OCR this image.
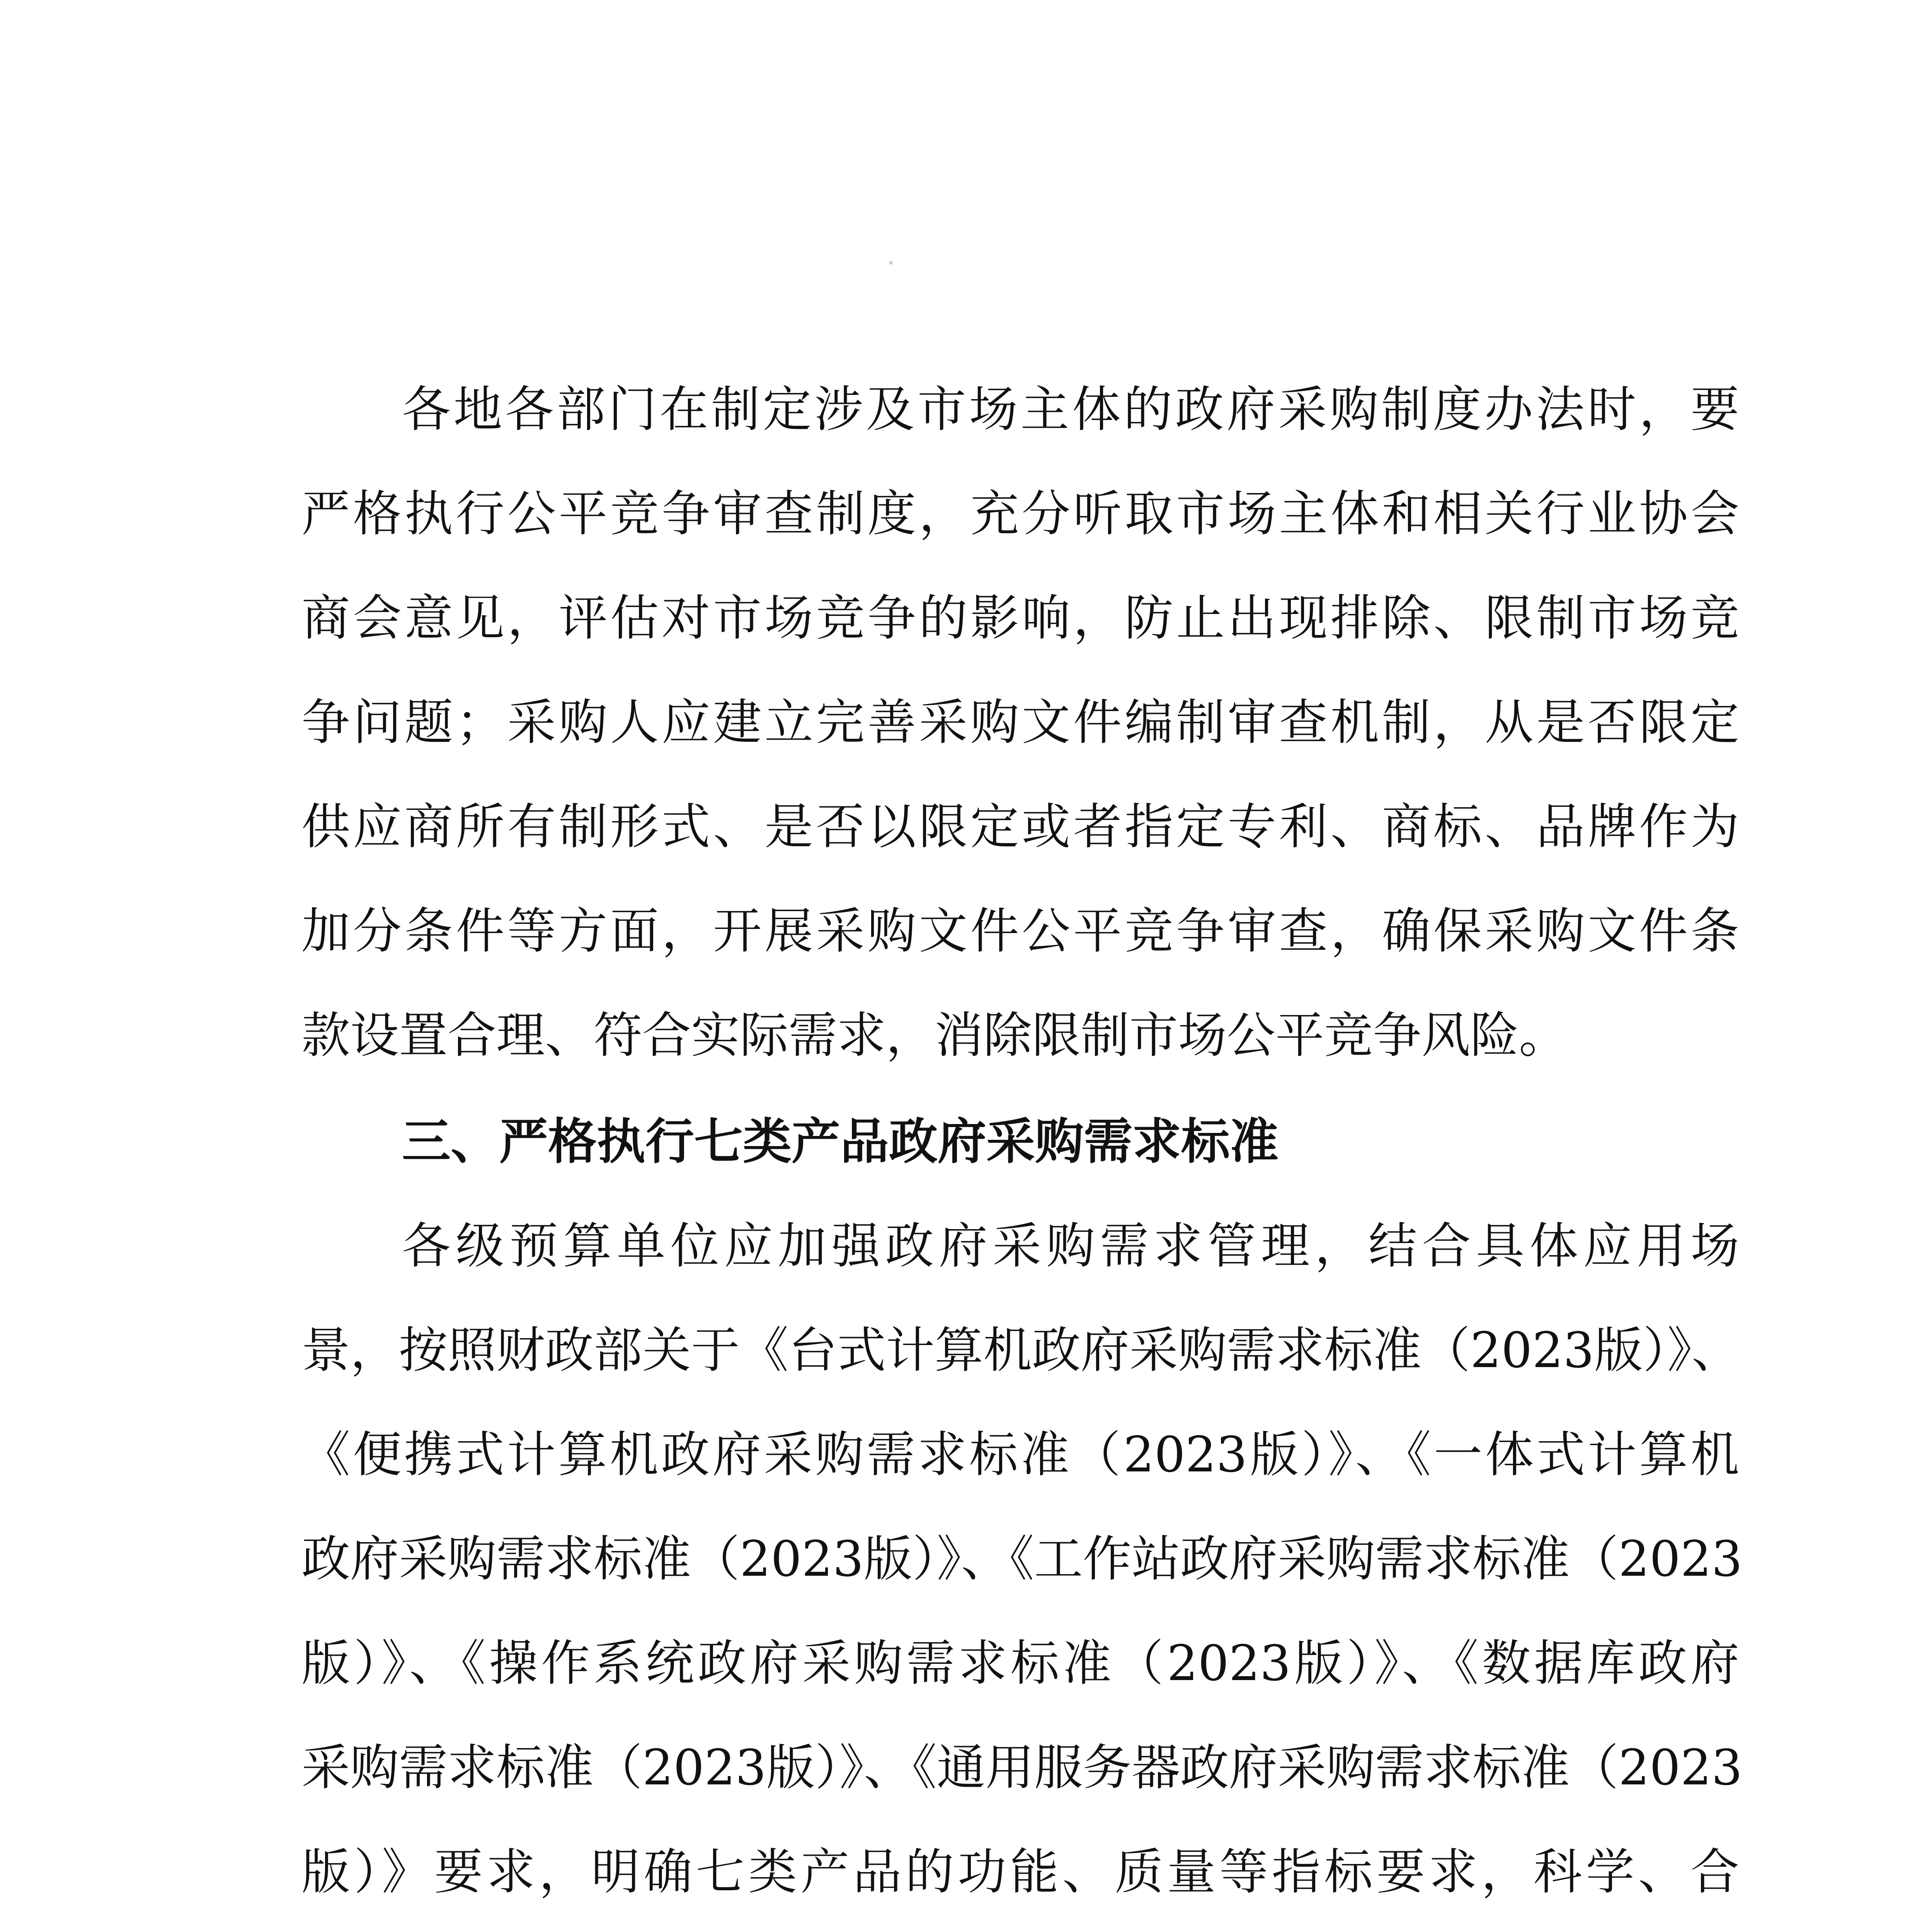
各地各部门在制定涉及市场主体的政府采购制度办法时，要
严格执行公平竞争审查制度，充分听取市场主体和相关行业协会
商会意见，评估对市场竞争的影响，防止出现排除、限制市场竞
争问题；采购人应建立完善采购文件编制审查机制，从是否限定
供应商所有制形式、是否以限定或者指定专利、商标、品牌作为
加分条件等方面，开展采购文件公平竞争审查，确保采购文件条
款设置合理、符合实际需求，消除限制市场公平竞争风险。
三、严格执行七类产品政府采购需求标准
各级预算单位应加强政府采购需求管理，结合具体应用场
景，按照财政部关于《台式计算机政府采购需求标准（2023版）》、
《便携式计算机政府采购需求标准（2023版）》、《一体式计算机
政府采购需求标准（2023版）》、《工作站政府采购需求标准（2023
版）》、《操作系统政府采购需求标准（2023版）》、《数据库政府
采购需求标准（2023版）》、《通用服务器政府采购需求标准（2023
版）》要求，明确七类产品的功能、质量等指标要求，科学、合
